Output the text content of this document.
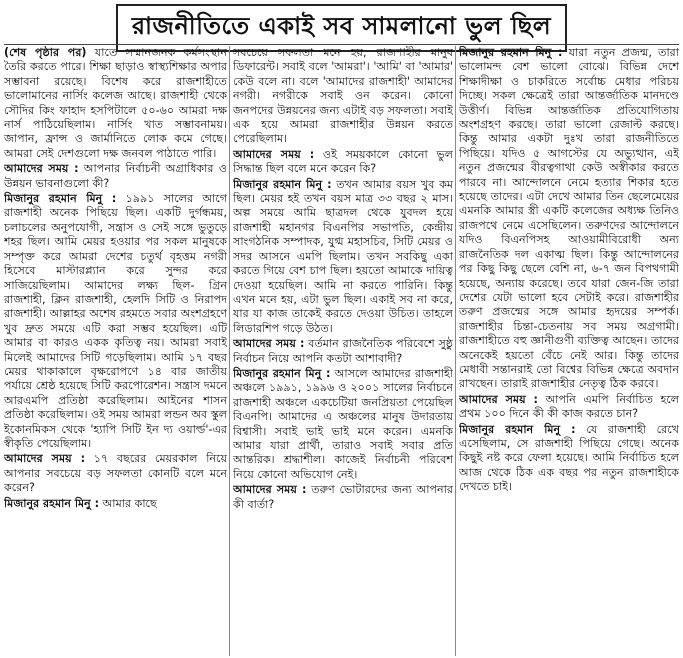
রাজনীতিতে একাই সব সামলানো ভুল ছিল

(শেষ পৃষ্ঠার পর) যাতে সম্মানজনক কর্মসংস্থান তৈরি করতে পারে। শিক্ষা ছাড়াও স্বাস্থ্যশিক্ষার অপার সম্ভাবনা রয়েছে। বিশেষ করে রাজশাহীতে ভালোমানের নার্সিং কলেজ আছে। রাজশাহী থেকে সৌদির কিং ফাহাদ হসপিটালে ৫০-৬০ আমরা দক্ষ নার্স পাঠিয়েছিলাম। নার্সিং খাত সম্ভাবনাময়। জাপান, ফ্রান্স ও জার্মানিতে লোক কমে গেছে। আমরা সেই দেশগুলো দক্ষ জনবল পাঠাতে পারি।

আমাদের সময় : আপনার নির্বাচনী অগ্রাধিকার ও উন্নয়ন ভাবনাগুলো কী?

মিজানুর রহমান মিনু : ১৯৯১ সালের আগে রাজশাহী অনেক পিছিয়ে ছিল। একটি দুর্গন্ধময়, চলাচলের অনুপযোগী, সন্ত্রাস ও সেই সঙ্গে ভুতুড়ে শহর ছিল। আমি মেয়র হওয়ার পর সকল মানুষকে সম্পৃক্ত করে আমরা দেশের চতুর্থ বৃহত্তম নগরী হিসেবে মাস্টারপ্ল্যান করে সুন্দর করে সাজিয়েছিলাম। আমাদের লক্ষ্য ছিল- গ্রিন রাজশাহী, ক্লিন রাজশাহী, হেলদি সিটি ও নিরাপদ রাজশাহী। আল্লাহর অশেষ রহমতে সবার অংশগ্রহণে খুব দ্রুত সময়ে এটি করা সম্ভব হয়েছিল। এটি আমার বা কারও একক কৃতিত্ব নয়। আমরা সবাই মিলেই আমাদের সিটি গড়েছিলাম। আমি ১৭ বছর মেয়র থাকাকালে বৃক্ষরোপণে ১৪ বার জাতীয় পর্যায়ে শ্রেষ্ঠ হয়েছে সিটি করপোরেশন। সন্ত্রাস দমনে আরএমপি প্রতিষ্ঠা করেছিলাম। আইনের শাসন প্রতিষ্ঠা করেছিলাম। ওই সময় আমরা লন্ডন অব স্কুল ইকোনমিকস থেকে 'হ্যাপি সিটি ইন দ্য ওয়ার্ল্ড'-এর স্বীকৃতি পেয়েছিলাম।

আমাদের সময় : ১৭ বছরের মেয়রকাল নিয়ে আপনার সবচেয়ে বড় সফলতা কোনটি বলে মনে করেন?

মিজানুর রহমান মিনু : আমার কাছে

সবচেয়ে সফলতা মনে হয়, রাজশাহীর মানুষ ডিফারেন্ট। সবাই বলে 'আমরা'। 'আমি' বা 'আমার' কেউ বলে না। বলে 'আমাদের রাজশাহী' আমাদের নগরী। নগরীকে সবাই ওন করেন। কোনো জনপদের উন্নয়নের জন্য এটাই বড় সফলতা। সবাই এক হয়ে আমরা রাজশাহীর উন্নয়ন করতে পেরেছিলাম।

আমাদের সময় : ওই সময়কালে কোনো ভুল সিদ্ধান্ত ছিল বলে মনে করেন কি?

মিজানুর রহমান মিনু : তখন আমার বয়স খুব কম ছিল। মেয়র হই তখন বয়স মাত্র ৩৩ বছর ২ মাস। অল্প সময়ে আমি ছাত্রদল থেকে যুবদল হয়ে রাজশাহী মহানগর বিএনপির সভাপতি, কেন্দ্রীয় সাংগঠনিক সম্পাদক, যুগ্ম মহাসচিব, সিটি মেয়র ও সদর আসনে এমপি ছিলাম। তখন সবকিছু একা করতে গিয়ে বেশ চাপ ছিল। হয়তো আমাকে দায়িত্ব দেওয়া হয়েছিল। আমি না করতে পারিনি। কিন্তু এখন মনে হয়, এটা ভুল ছিল। একাই সব না করে, যার যা কাজ তাকেই করতে দেওয়া উচিত। তাহলে লিডারশিপ গড়ে উঠত।

আমাদের সময় : বর্তমান রাজনৈতিক পরিবেশে সুষ্ঠু নির্বাচন নিয়ে আপনি কতটা আশাবাদী?

মিজানুর রহমান মিনু : আসলে আমাদের রাজশাহী অঞ্চলে ১৯৯১, ১৯৯৬ ও ২০০১ সালের নির্বাচনে রাজশাহী অঞ্চলে একচেটিয়া জনপ্রিয়তা পেয়েছিল বিএনপি। আমাদের এ অঞ্চলের মানুষ উদারতায় বিশ্বাসী। সবাই ভাই ভাই মনে করেন। এমনকি আমার যারা প্রার্থী, তারাও সবাই সবার প্রতি আন্তরিক। শ্রদ্ধাশীল। কাজেই নির্বাচনী পরিবেশ নিয়ে কোনো অভিযোগ নেই।

আমাদের সময় : তরুণ ভোটারদের জন্য আপনার কী বার্তা?

মিজানুর রহমান মিনু : যারা নতুন প্রজন্ম, তারা ভালোমন্দ বেশ ভালো বোঝে। বিভিন্ন দেশে শিক্ষাদীক্ষা ও চাকরিতে সর্বোচ্চ মেধার পরিচয় দিচ্ছে। সকল ক্ষেত্রেই তারা আন্তর্জাতিক মানদণ্ডে উত্তীর্ণ। বিভিন্ন আন্তর্জাতিক প্রতিযোগিতায় অংশগ্রহণ করছে। তারা ভালো রেজাল্ট করছে। কিন্তু আমার একটা দুঃখ তারা রাজনীতিতে পিছিয়ে। যদিও ৫ আগস্টের যে অভ্যুত্থান, এই নতুন প্রজন্মের বীরত্বগাথা কেউ অস্বীকার করতে পারবে না। আন্দোলনে নেমে হত্যার শিকার হতে হয়েছে তাদের। এটা দেখে আমার তিন ছেলেমেয়ের এমনকি আমার স্ত্রী একটি কলেজের অধ্যক্ষ তিনিও রাজপথে নেমে এসেছিলেন। তরুণদের আন্দোলনে যদিও বিএনপিসহ আওয়ামীবিরোধী অন্য রাজনৈতিক দল একাত্ম ছিল। কিন্তু আন্দোলনের পর কিছু কিছু ছেলে বেশি না, ৬-৭ জন বিপথগামী হয়েছে, অন্যায় করেছে। তবে যারা জেন-জি তারা দেশের যেটা ভালো হবে সেটাই করে। রাজশাহীর তরুণ প্রজন্মের সঙ্গে আমার হৃদয়ের সম্পর্ক। রাজশাহীর চিন্তা-চেতনায় সব সময় অগ্রগামী। রাজশাহীতে বহু জ্ঞানীগুণী ব্যক্তিত্ব আছেন। তাদের অনেকেই হয়তো বেঁচে নেই আর। কিন্তু তাদের মেধাবী সন্তানরাই তো বিশ্বের বিভিন্ন ক্ষেত্রে অবদান রাখছেন। তারাই রাজশাহীর নেতৃত্ব ঠিক করবে।

আমাদের সময় : আপনি এমপি নির্বাচিত হলে প্রথম ১০০ দিনে কী কী কাজ করতে চান?

মিজানুর রহমান মিনু : যে রাজশাহী রেখে এসেছিলাম, সে রাজশাহী পিছিয়ে গেছে। অনেক কিছুই নষ্ট করে ফেলা হয়েছে। আমি নির্বাচিত হলে আজ থেকে ঠিক এক বছর পর নতুন রাজশাহীকে দেখতে চাই।
